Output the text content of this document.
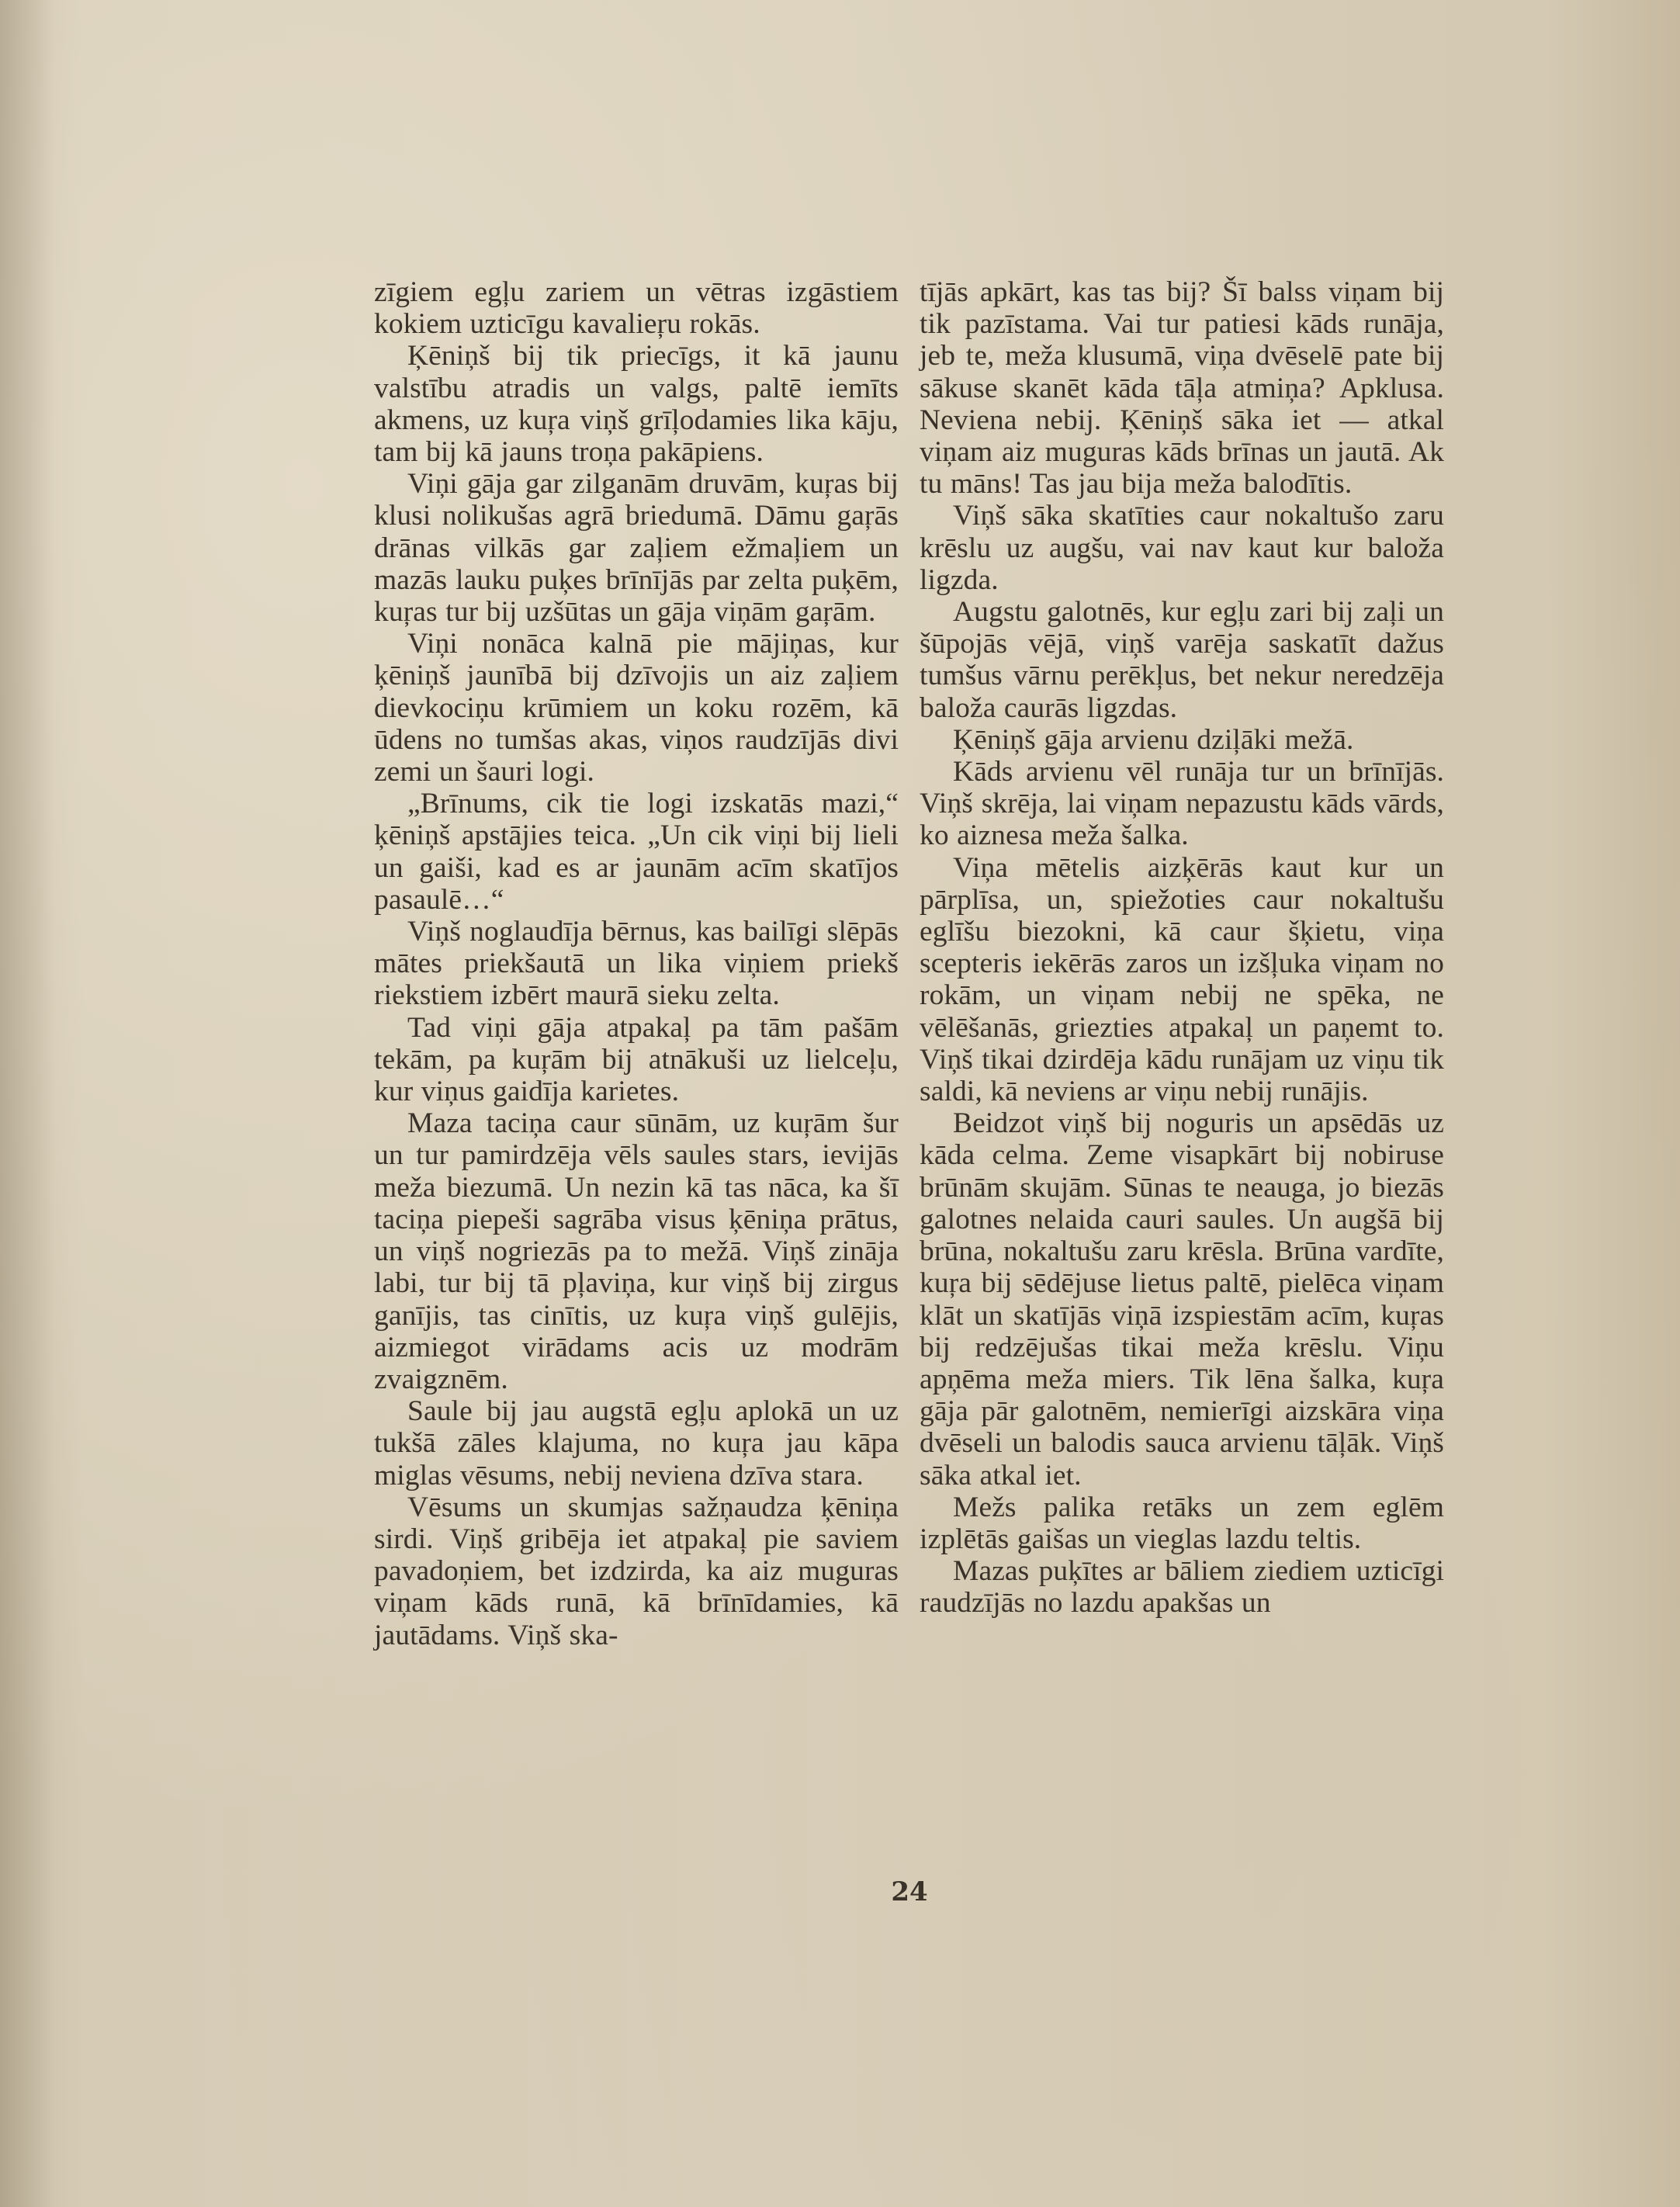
zīgiem egļu zariem un vētras izgāstiem kokiem uzticīgu kavalieŗu rokās.

Ķēniņš bij tik priecīgs, it kā jaunu valstību atradis un valgs, paltē iemīts akmens, uz kuŗa viņš grīļodamies lika kāju, tam bij kā jauns troņa pakāpiens.

Viņi gāja gar zilganām druvām, kuŗas bij klusi nolikušas agrā briedumā. Dāmu gaŗās drānas vilkās gar zaļiem ežmaļiem un mazās lauku puķes brīnījās par zelta puķēm, kuŗas tur bij uzšūtas un gāja viņām gaŗām.

Viņi nonāca kalnā pie mājiņas, kur ķēniņš jaunībā bij dzīvojis un aiz zaļiem dievkociņu krūmiem un koku rozēm, kā ūdens no tumšas akas, viņos raudzījās divi zemi un šauri logi.

„Brīnums, cik tie logi izskatās mazi,“ ķēniņš apstājies teica. „Un cik viņi bij lieli un gaiši, kad es ar jaunām acīm skatījos pasaulē…“

Viņš noglaudīja bērnus, kas bailīgi slēpās mātes priekšautā un lika viņiem priekš riekstiem izbērt maurā sieku zelta.

Tad viņi gāja atpakaļ pa tām pašām tekām, pa kuŗām bij atnākuši uz lielceļu, kur viņus gaidīja karietes.

Maza taciņa caur sūnām, uz kuŗām šur un tur pamirdzēja vēls saules stars, ievijās meža biezumā. Un nezin kā tas nāca, ka šī taciņa piepeši sagrāba visus ķēniņa prātus, un viņš nogriezās pa to mežā. Viņš zināja labi, tur bij tā pļaviņa, kur viņš bij zirgus ganījis, tas cinītis, uz kuŗa viņš gulējis, aizmiegot virādams acis uz modrām zvaigznēm.

Saule bij jau augstā egļu aplokā un uz tukšā zāles klajuma, no kuŗa jau kāpa miglas vēsums, nebij neviena dzīva stara.

Vēsums un skumjas sažņaudza ķēniņa sirdi. Viņš gribēja iet atpakaļ pie saviem pavadoņiem, bet izdzirda, ka aiz muguras viņam kāds runā, kā brīnīdamies, kā jautādams. Viņš ska-

tījās apkārt, kas tas bij? Šī balss viņam bij tik pazīstama. Vai tur patiesi kāds runāja, jeb te, meža klusumā, viņa dvēselē pate bij sākuse skanēt kāda tāļa atmiņa? Apklusa. Neviena nebij. Ķēniņš sāka iet — atkal viņam aiz muguras kāds brīnas un jautā. Ak tu māns! Tas jau bija meža balodītis.

Viņš sāka skatīties caur nokaltušo zaru krēslu uz augšu, vai nav kaut kur baloža ligzda.

Augstu galotnēs, kur egļu zari bij zaļi un šūpojās vējā, viņš varēja saskatīt dažus tumšus vārnu perēkļus, bet nekur neredzēja baloža caurās ligzdas.

Ķēniņš gāja arvienu dziļāki mežā.

Kāds arvienu vēl runāja tur un brīnījās. Viņš skrēja, lai viņam nepazustu kāds vārds, ko aiznesa meža šalka.

Viņa mētelis aizķērās kaut kur un pārplīsa, un, spiežoties caur nokaltušu eglīšu biezokni, kā caur šķietu, viņa scepteris iekērās zaros un izšļuka viņam no rokām, un viņam nebij ne spēka, ne vēlēšanās, griezties atpakaļ un paņemt to. Viņš tikai dzirdēja kādu runājam uz viņu tik saldi, kā neviens ar viņu nebij runājis.

Beidzot viņš bij noguris un apsēdās uz kāda celma. Zeme visapkārt bij nobiruse brūnām skujām. Sūnas te neauga, jo biezās galotnes nelaida cauri saules. Un augšā bij brūna, nokaltušu zaru krēsla. Brūna vardīte, kuŗa bij sēdējuse lietus paltē, pielēca viņam klāt un skatījās viņā izspiestām acīm, kuŗas bij redzējušas tikai meža krēslu. Viņu apņēma meža miers. Tik lēna šalka, kuŗa gāja pār galotnēm, nemierīgi aizskāra viņa dvēseli un balodis sauca arvienu tāļāk. Viņš sāka atkal iet.

Mežs palika retāks un zem eglēm izplētās gaišas un vieglas lazdu teltis.

Mazas puķītes ar bāliem ziediem uzticīgi raudzījās no lazdu apakšas un

24
